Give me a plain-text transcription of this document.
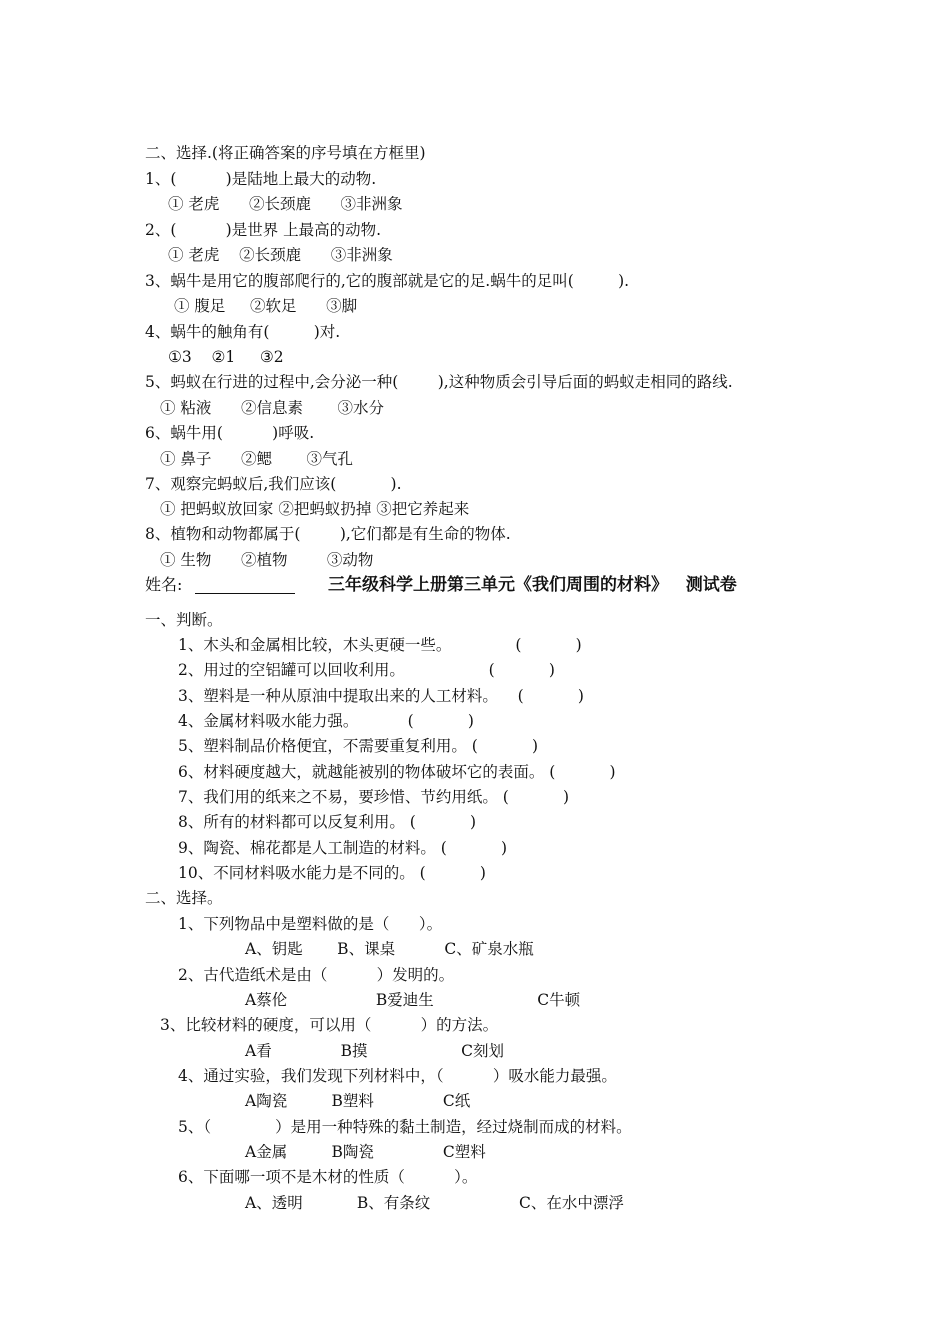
二、选择.(将正确答案的序号填在方框里)
1、(          )是陆地上最大的动物.
① 老虎      ②长颈鹿      ③非洲象
2、(          )是世界 上最高的动物.
① 老虎    ②长颈鹿      ③非洲象
3、蜗牛是用它的腹部爬行的,它的腹部就是它的足.蜗牛的足叫(         ).
① 腹足     ②软足      ③脚
4、蜗牛的触角有(         )对.
①3    ②1     ③2
5、蚂蚁在行进的过程中,会分泌一种(        ),这种物质会引导后面的蚂蚁走相同的路线.
① 粘液      ②信息素       ③水分
6、蜗牛用(          )呼吸.
① 鼻子      ②鳃       ③气孔
7、观察完蚂蚁后,我们应该(           ).
① 把蚂蚁放回家 ②把蚂蚁扔掉 ③把它养起来
8、植物和动物都属于(        ),它们都是有生命的物体.
① 生物      ②植物        ③动物
姓名:	三年级科学上册第三单元《我们周围的材料》   测试卷
一、判断。
1、木头和金属相比较，木头更硬一些。             (           )
2、用过的空铝罐可以回收利用。                 (           )
3、塑料是一种从原油中提取出来的人工材料。    (           )
4、金属材料吸水能力强。          (           )
5、塑料制品价格便宜，不需要重复利用。 (           )
6、材料硬度越大，就越能被别的物体破坏它的表面。 (           )
7、我们用的纸来之不易，要珍惜、节约用纸。 (           )
8、所有的材料都可以反复利用。 (           )
9、陶瓷、棉花都是人工制造的材料。 (           )
10、不同材料吸水能力是不同的。 (           )
二、选择。
1、下列物品中是塑料做的是（      ）。
A、钥匙       B、课桌          C、矿泉水瓶
2、古代造纸术是由（          ）发明的。
A蔡伦                  B爱迪生                     C牛顿
3、比较材料的硬度，可以用（          ）的方法。
A看              B摸                   C刻划
4、通过实验，我们发现下列材料中，（          ）吸水能力最强。
A陶瓷         B塑料              C纸
5、（             ）是用一种特殊的黏土制造，经过烧制而成的材料。
A金属         B陶瓷              C塑料
6、下面哪一项不是木材的性质（          ）。
A、透明           B、有条纹                  C、在水中漂浮
